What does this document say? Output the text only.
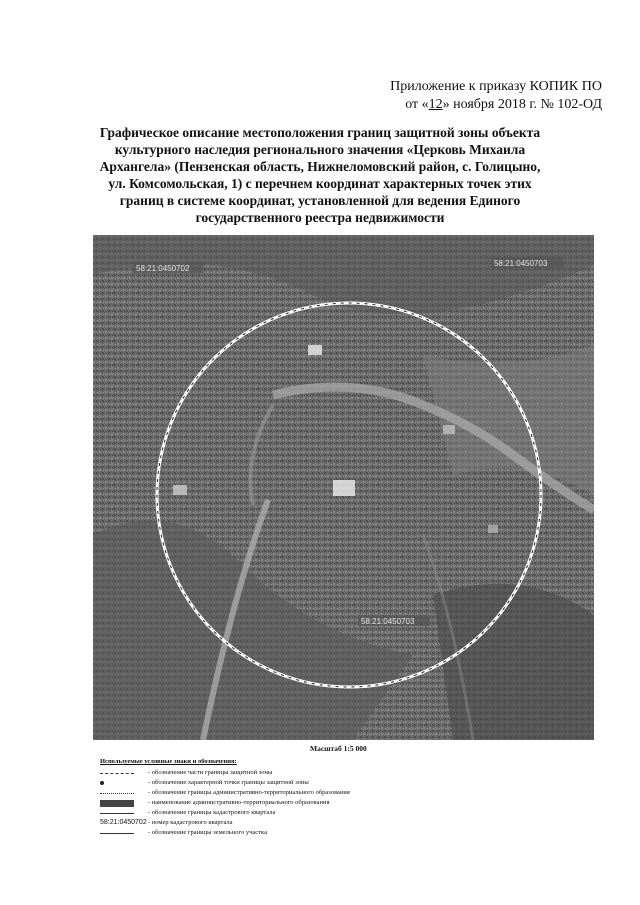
Приложение к приказу КОПИК ПО
от «12» ноября 2018 г. № 102-ОД
Графическое описание местоположения границ защитной зоны объекта культурного наследия регионального значения «Церковь Михаила Архангела» (Пензенская область, Нижнеломовский район, с. Голицыно, ул. Комсомольская, 1) с перечнем координат характерных точек этих границ в системе координат, установленной для ведения Единого государственного реестра недвижимости
58:21:0450702
58:21:0450703
58:21:0450703
Масштаб 1:5 000
Используемые условные знаки и обозначения:
- обозначение части границы защитной зоны
- обозначение характерной точки границы защитной зоны
- обозначение границы административно-территориального образования
- наименование административно-территориального образования
- обозначение границы кадастрового квартала
58:21:0450702 - номер кадастрового квартала
- обозначение границы земельного участка
